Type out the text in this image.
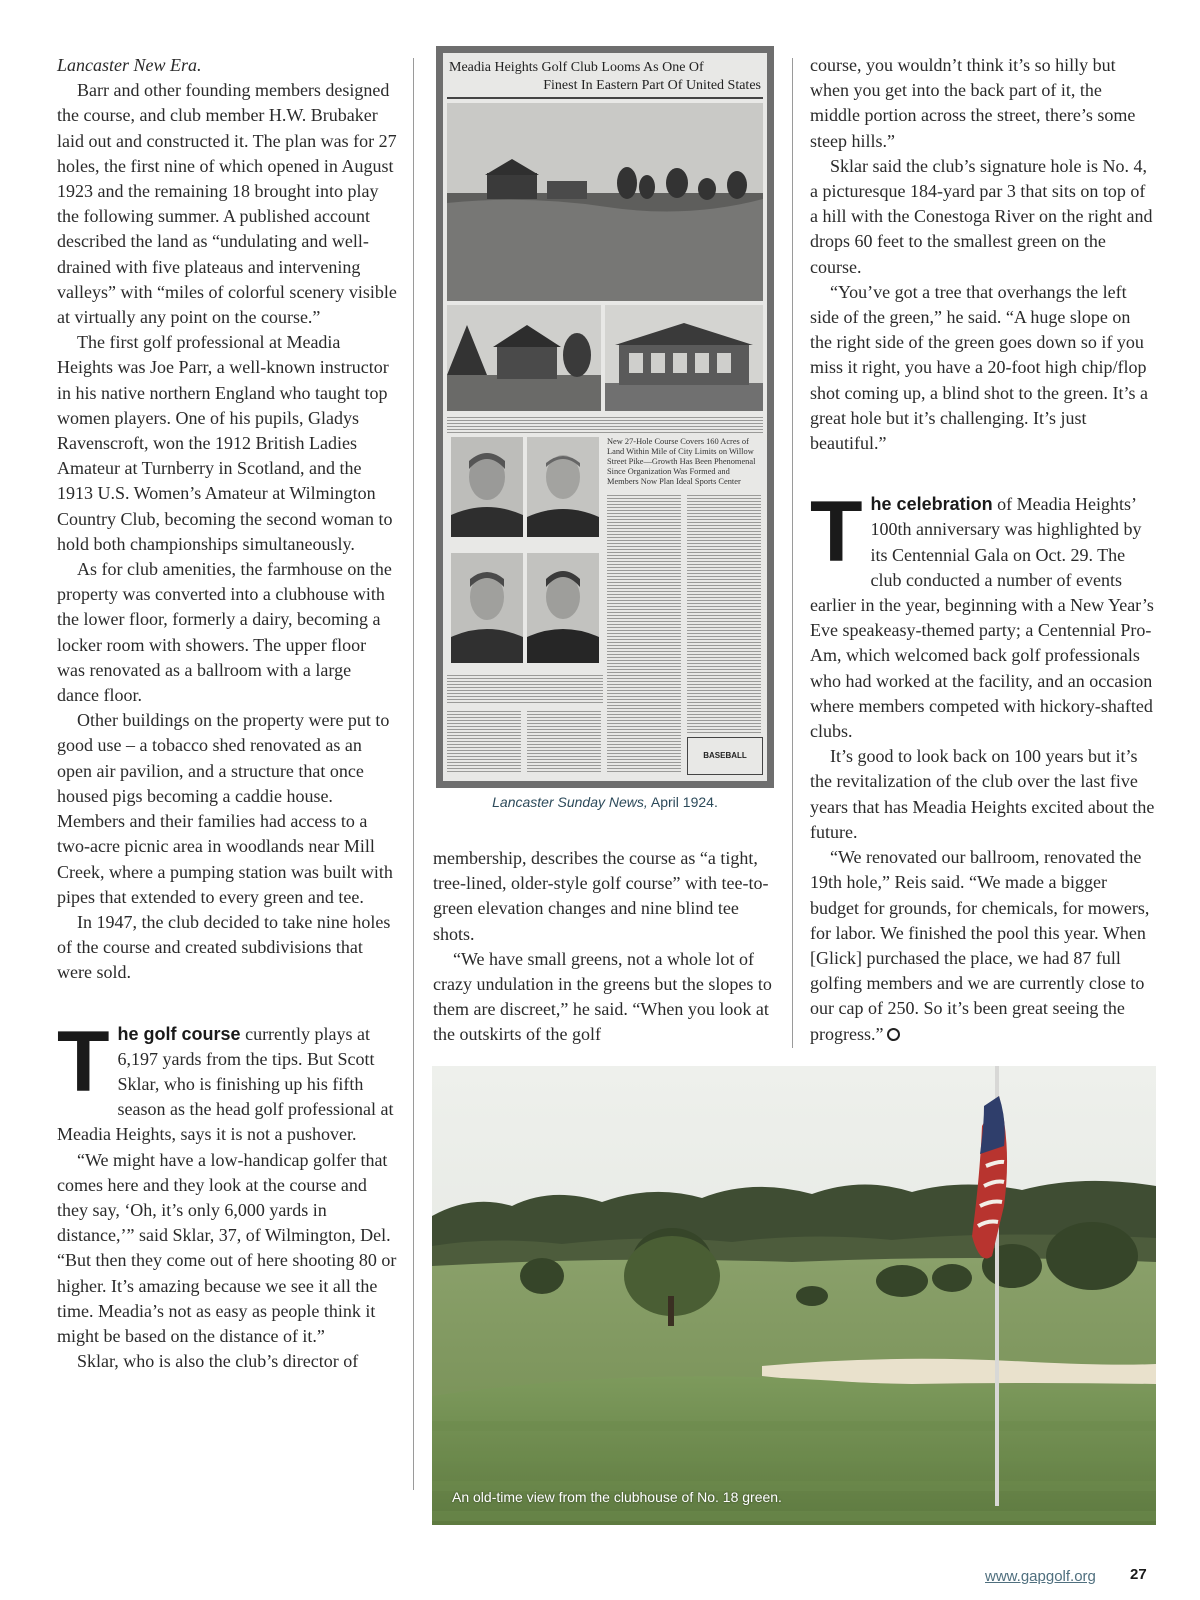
Lancaster New Era.

Barr and other founding members designed the course, and club member H.W. Brubaker laid out and constructed it. The plan was for 27 holes, the first nine of which opened in August 1923 and the remaining 18 brought into play the following summer. A published account described the land as “undulating and well-drained with five plateaus and intervening valleys” with “miles of colorful scenery visible at virtually any point on the course.”

The first golf professional at Meadia Heights was Joe Parr, a well-known instructor in his native northern England who taught top women players. One of his pupils, Gladys Ravenscroft, won the 1912 British Ladies Amateur at Turnberry in Scotland, and the 1913 U.S. Women’s Amateur at Wilmington Country Club, becoming the second woman to hold both championships simultaneously.

As for club amenities, the farmhouse on the property was converted into a clubhouse with the lower floor, formerly a dairy, becoming a locker room with showers. The upper floor was renovated as a ballroom with a large dance floor.

Other buildings on the property were put to good use – a tobacco shed renovated as an open air pavilion, and a structure that once housed pigs becoming a caddie house. Members and their families had access to a two-acre picnic area in woodlands near Mill Creek, where a pumping station was built with pipes that extended to every green and tee.

In 1947, the club decided to take nine holes of the course and created subdivisions that were sold.

The golf course currently plays at 6,197 yards from the tips. But Scott Sklar, who is finishing up his fifth season as the head golf professional at Meadia Heights, says it is not a pushover.

“We might have a low-handicap golfer that comes here and they look at the course and they say, ‘Oh, it’s only 6,000 yards in distance,’” said Sklar, 37, of Wilmington, Del. “But then they come out of here shooting 80 or higher. It’s amazing because we see it all the time. Meadia’s not as easy as people think it might be based on the distance of it.”

Sklar, who is also the club’s director of

Meadia Heights Golf Club Looms As One Of
Finest In Eastern Part Of United States
New 27-Hole Course Covers 160 Acres of Land Within Mile of City Limits on Willow Street Pike—Growth Has Been Phenomenal Since Organization Was Formed and Members Now Plan Ideal Sports Center
BASEBALL
Lancaster Sunday News, April 1924.

membership, describes the course as “a tight, tree-lined, older-style golf course” with tee-to-green elevation changes and nine blind tee shots.

“We have small greens, not a whole lot of crazy undulation in the greens but the slopes to them are discreet,” he said. “When you look at the outskirts of the golf

course, you wouldn’t think it’s so hilly but when you get into the back part of it, the middle portion across the street, there’s some steep hills.”

Sklar said the club’s signature hole is No. 4, a picturesque 184-yard par 3 that sits on top of a hill with the Conestoga River on the right and drops 60 feet to the smallest green on the course.

“You’ve got a tree that overhangs the left side of the green,” he said. “A huge slope on the right side of the green goes down so if you miss it right, you have a 20-foot high chip/flop shot coming up, a blind shot to the green. It’s a great hole but it’s challenging. It’s just beautiful.”

The celebration of Meadia Heights’ 100th anniversary was highlighted by its Centennial Gala on Oct. 29. The club conducted a number of events earlier in the year, beginning with a New Year’s Eve speakeasy-themed party; a Centennial Pro-Am, which welcomed back golf professionals who had worked at the facility, and an occasion where members competed with hickory-shafted clubs.

It’s good to look back on 100 years but it’s the revitalization of the club over the last five years that has Meadia Heights excited about the future.

“We renovated our ballroom, renovated the 19th hole,” Reis said. “We made a bigger budget for grounds, for chemicals, for mowers, for labor. We finished the pool this year. When [Glick] purchased the place, we had 87 full golfing members and we are currently close to our cap of 250. So it’s been great seeing the progress.”

An old-time view from the clubhouse of No. 18 green.
www.gapgolf.org 27
